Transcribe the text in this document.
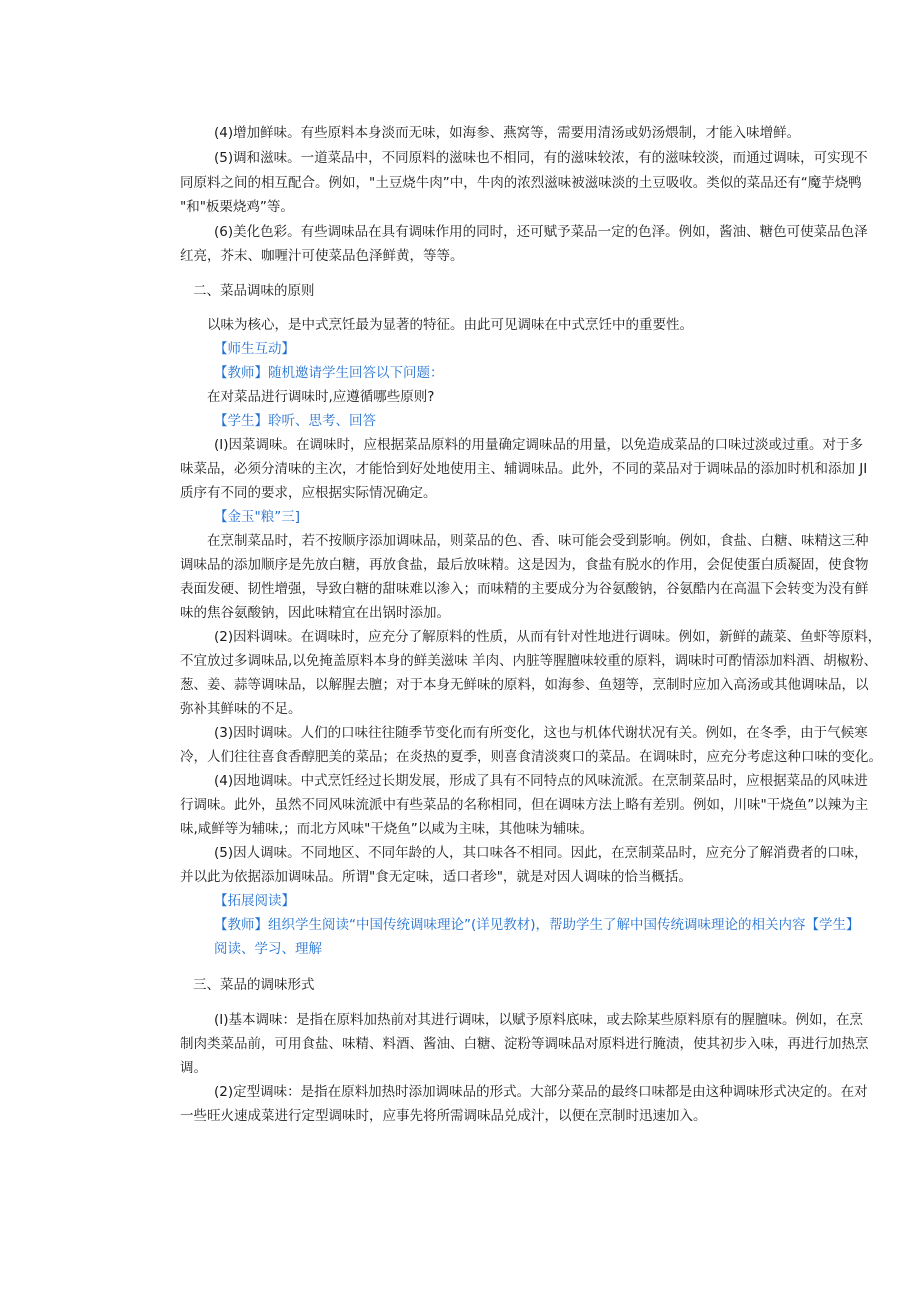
(4)增加鲜味。有些原料本身淡而无味，如海参、燕窝等，需要用清汤或奶汤煨制，才能入味增鲜。
(5)调和滋味。一道菜品中，不同原料的滋味也不相同，有的滋味较浓，有的滋味较淡，而通过调味，可实现不
同原料之间的相互配合。例如，"土豆烧牛肉”中，牛肉的浓烈滋味被滋味淡的土豆吸收。类似的菜品还有“魔芋烧鸭
"和"板栗烧鸡”等。
(6)美化色彩。有些调味品在具有调味作用的同时，还可赋予菜品一定的色泽。例如，酱油、糖色可使菜品色泽
红亮，芥末、咖喱汁可使菜品色泽鲜黄，等等。
二、菜品调味的原则
以味为核心，是中式烹饪最为显著的特征。由此可见调味在中式烹饪中的重要性。
【师生互动】
【教师】随机邀请学生回答以下问题：
在对菜品进行调味时,应遵循哪些原则?
【学生】聆听、思考、回答
(I)因菜调味。在调味时，应根据菜品原料的用量确定调味品的用量，以免造成菜品的口味过淡或过重。对于多
味菜品，必须分清味的主次，才能恰到好处地使用主、辅调味品。此外，不同的菜品对于调味品的添加时机和添加 JI
质序有不同的要求，应根据实际情况确定。
【金玉"粮”三]
在烹制菜品时，若不按顺序添加调味品，则菜品的色、香、味可能会受到影响。例如，食盐、白糖、味精这三种
调味品的添加顺序是先放白糖，再放食盐，最后放味精。这是因为，食盐有脱水的作用，会促使蛋白质凝固，使食物
表面发硬、韧性增强，导致白糖的甜味难以渗入；而味精的主要成分为谷氨酸钠，谷氨酷内在高温下会转变为没有鲜
味的焦谷氨酸钠，因此味精宜在出锅时添加。
(2)因料调味。在调味时，应充分了解原料的性质，从而有针对性地进行调味。例如，新鲜的蔬菜、鱼虾等原料，
不宜放过多调味品,以免掩盖原料本身的鲜美滋味 羊肉、内脏等腥膻味较重的原料，调味时可酌情添加料酒、胡椒粉、
葱、姜、蒜等调味品，以解腥去膻；对于本身无鲜味的原料，如海参、鱼翅等，烹制时应加入高汤或其他调味品，以
弥补其鲜味的不足。
(3)因时调味。人们的口味往往随季节变化而有所变化，这也与机体代谢状况有关。例如，在冬季，由于气候寒
冷，人们往往喜食香醇肥美的菜品；在炎热的夏季，则喜食清淡爽口的菜品。在调味时，应充分考虑这种口味的变化。
(4)因地调味。中式烹饪经过长期发展，形成了具有不同特点的风味流派。在烹制菜品时，应根据菜品的风味进
行调味。此外，虽然不同风味流派中有些菜品的名称相同，但在调味方法上略有差别。例如，川味"干烧鱼”以辣为主
味,咸鲜等为辅味,；而北方风味"干烧鱼”以咸为主味，其他味为辅味。
(5)因人调味。不同地区、不同年龄的人，其口味各不相同。因此，在烹制菜品时，应充分了解消费者的口味，
并以此为依据添加调味品。所谓"食无定味，适口者珍"，就是对因人调味的恰当概括。
【拓展阅读】
【教师】组织学生阅读“中国传统调味理论”(详见教材)，帮助学生了解中国传统调味理论的相关内容【学生】
阅读、学习、理解
三、菜品的调味形式
(I)基本调味：是指在原料加热前对其进行调味，以赋予原料底味，或去除某些原料原有的腥膻味。例如，在烹
制肉类菜品前，可用食盐、味精、料酒、酱油、白糖、淀粉等调味品对原料进行腌渍，使其初步入味，再进行加热烹
调。
(2)定型调味：是指在原料加热时添加调味品的形式。大部分菜品的最终口味都是由这种调味形式决定的。在对
一些旺火速成菜进行定型调味时，应事先将所需调味品兑成汁，以便在烹制时迅速加入。
